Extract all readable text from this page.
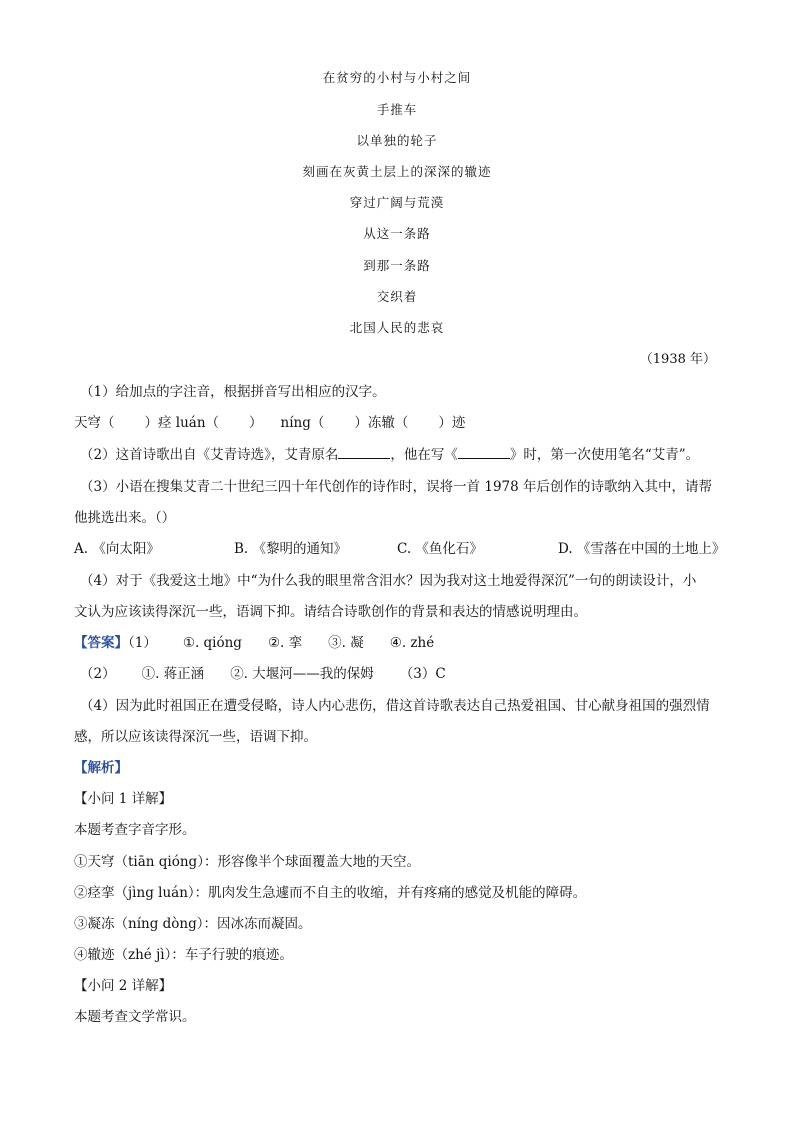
在贫穷的小村与小村之间
手推车
以单独的轮子
刻画在灰黄土层上的深深的辙迹
穿过广阔与荒漠
从这一条路
到那一条路
交织着
北国人民的悲哀
（1938 年）
（1）给加点的字注音，根据拼音写出相应的汉字。
天穹（ ）痉 luán（ ） níng（ ）冻辙（ ）迹
（2）这首诗歌出自《艾青诗选》，艾青原名	，他在写《	》时，第一次使用笔名“艾青”。
（3）小语在搜集艾青二十世纪三四十年代创作的诗作时，误将一首 1978 年后创作的诗歌纳入其中，请帮
他挑选出来。（）
A. 《向太阳》	B. 《黎明的通知》	C. 《鱼化石》	D. 《雪落在中国的土地上》
（4）对于《我爱这土地》中“为什么我的眼里常含泪水？因为我对这土地爱得深沉”一句的朗读设计，小
文认为应该读得深沉一些，语调下抑。请结合诗歌创作的背景和表达的情感说明理由。
【答案】（1） ①. qióng ②. 挛 ③. 凝 ④. zhé
（2） ①. 蒋正涵 ②. 大堰河——我的保姆 （3）C
（4）因为此时祖国正在遭受侵略，诗人内心悲伤，借这首诗歌表达自己热爱祖国、甘心献身祖国的强烈情
感，所以应该读得深沉一些，语调下抑。
【解析】
【小问 1 详解】
本题考查字音字形。
①天穹（tiān qióng）：形容像半个球面覆盖大地的天空。
②痉挛（jìng luán）：肌肉发生急遽而不自主的收缩，并有疼痛的感觉及机能的障碍。
③凝冻（níng dòng）：因冰冻而凝固。
④辙迹（zhé jì）：车子行驶的痕迹。
【小问 2 详解】
本题考查文学常识。
